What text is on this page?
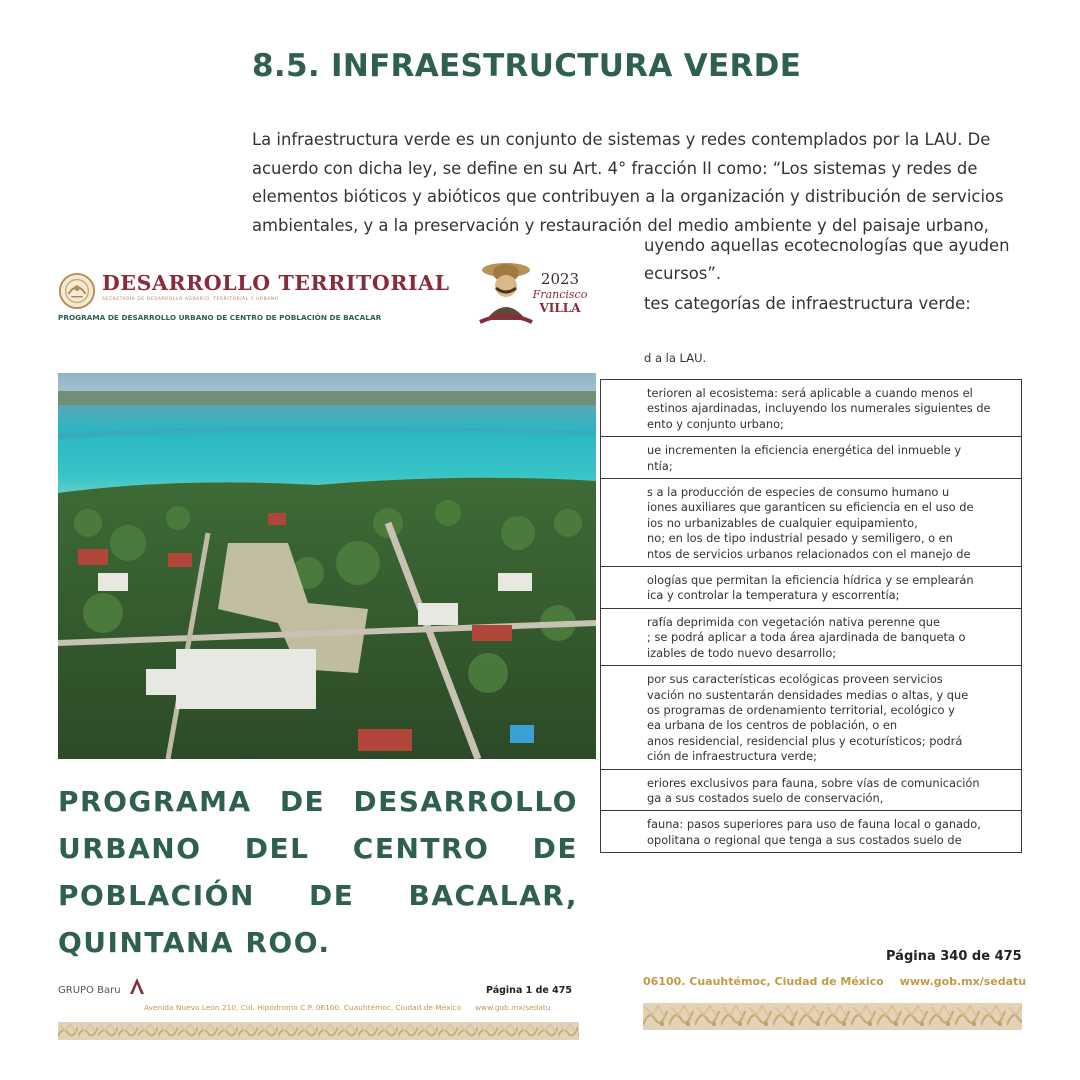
8.5. INFRAESTRUCTURA VERDE

La infraestructura verde es un conjunto de sistemas y redes contemplados por la LAU. De

acuerdo con dicha ley, se define en su Art. 4° fracción II como: “Los sistemas y redes de

elementos bióticos y abióticos que contribuyen a la organización y distribución de servicios

ambientales, y a la preservación y restauración del medio ambiente y del paisaje urbano,

uyendo aquellas ecotecnologías que ayuden
ecursos”.
tes categorías de infraestructura verde:
d a la LAU.
terioren al ecosistema: será aplicable a cuando menos el
estinos ajardinadas, incluyendo los numerales siguientes de
ento y conjunto urbano;
ue incrementen la eficiencia energética del inmueble y
ntía;
s a la producción de especies de consumo humano u
iones auxiliares que garanticen su eficiencia en el uso de
ios no urbanizables de cualquier equipamiento,
no; en los de tipo industrial pesado y semiligero, o en
ntos de servicios urbanos relacionados con el manejo de
ologías que permitan la eficiencia hídrica y se emplearán
ica y controlar la temperatura y escorrentía;
rafía deprimida con vegetación nativa perenne que
; se podrá aplicar a toda área ajardinada de banqueta o
izables de todo nuevo desarrollo;
por sus características ecológicas proveen servicios
vación no sustentarán densidades medias o altas, y que
os programas de ordenamiento territorial, ecológico y
ea urbana de los centros de población, o en
anos residencial, residencial plus y ecoturísticos; podrá
ción de infraestructura verde;
eriores exclusivos para fauna, sobre vías de comunicación
ga a sus costados suelo de conservación,
fauna: pasos superiores para uso de fauna local o ganado,
opolitana o regional que tenga a sus costados suelo de
Página 340 de 475
06100. Cuauhtémoc, Ciudad de México www.gob.mx/sedatu
DESARROLLO TERRITORIAL
SECRETARÍA DE DESARROLLO AGRARIO, TERRITORIAL Y URBANO
PROGRAMA DE DESARROLLO URBANO DE CENTRO DE POBLACIÓN DE BACALAR
2023
Francisco
VILLA
PROGRAMA DE DESARROLLO
URBANO DEL CENTRO DE
POBLACIÓN DE BACALAR,
QUINTANA ROO.
GRUPO Baru	Página 1 de 475
Avenida Nuevo León 210, Col. Hipódromo C.P. 06100. Cuauhtémoc, Ciudad de México www.gob.mx/sedatu
